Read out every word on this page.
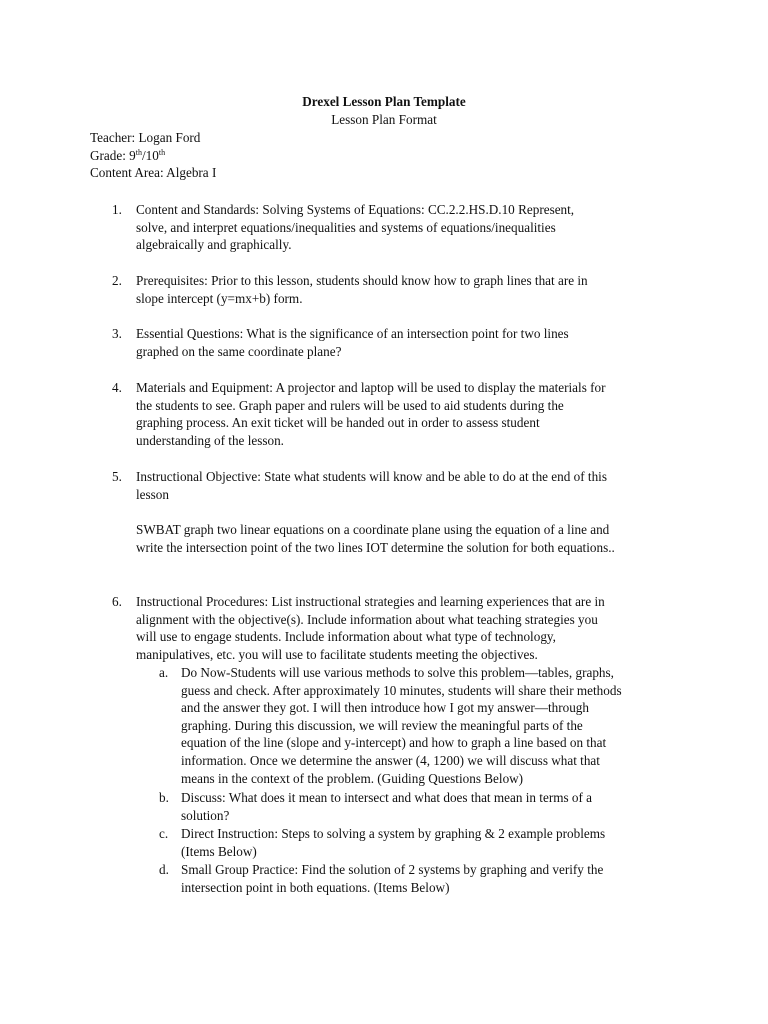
Drexel Lesson Plan Template
Lesson Plan Format
Teacher: Logan Ford
Grade: 9th/10th
Content Area: Algebra I
1. Content and Standards: Solving Systems of Equations: CC.2.2.HS.D.10 Represent,
solve, and interpret equations/inequalities and systems of equations/inequalities
algebraically and graphically.
2. Prerequisites: Prior to this lesson, students should know how to graph lines that are in
slope intercept (y=mx+b) form.
3. Essential Questions: What is the significance of an intersection point for two lines
graphed on the same coordinate plane?
4. Materials and Equipment: A projector and laptop will be used to display the materials for
the students to see. Graph paper and rulers will be used to aid students during the
graphing process. An exit ticket will be handed out in order to assess student
understanding of the lesson.
5. Instructional Objective: State what students will know and be able to do at the end of this
lesson
SWBAT graph two linear equations on a coordinate plane using the equation of a line and
write the intersection point of the two lines IOT determine the solution for both equations..
6. Instructional Procedures: List instructional strategies and learning experiences that are in
alignment with the objective(s). Include information about what teaching strategies you
will use to engage students. Include information about what type of technology,
manipulatives, etc. you will use to facilitate students meeting the objectives.
a. Do Now-Students will use various methods to solve this problem—tables, graphs,
guess and check. After approximately 10 minutes, students will share their methods
and the answer they got. I will then introduce how I got my answer—through
graphing. During this discussion, we will review the meaningful parts of the
equation of the line (slope and y-intercept) and how to graph a line based on that
information. Once we determine the answer (4, 1200) we will discuss what that
means in the context of the problem. (Guiding Questions Below)
b. Discuss: What does it mean to intersect and what does that mean in terms of a
solution?
c. Direct Instruction: Steps to solving a system by graphing & 2 example problems
(Items Below)
d. Small Group Practice: Find the solution of 2 systems by graphing and verify the
intersection point in both equations. (Items Below)
